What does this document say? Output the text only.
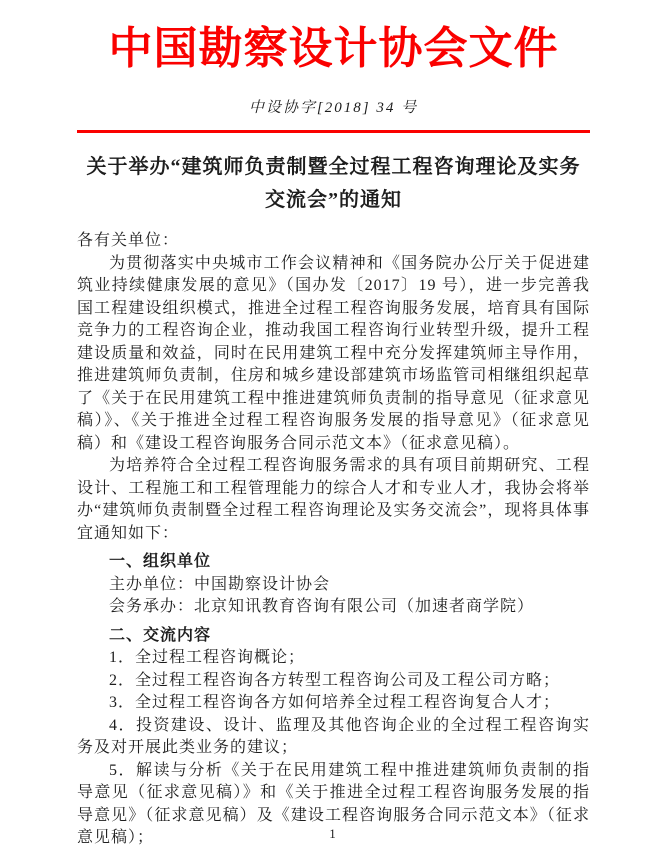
中国勘察设计协会文件
中设协字[2018] 34 号
关于举办“建筑师负责制暨全过程工程咨询理论及实务
交流会”的通知

各有关单位：

为贯彻落实中央城市工作会议精神和《国务院办公厅关于促进建筑业持续健康发展的意见》（国办发〔2017〕19 号），进一步完善我国工程建设组织模式，推进全过程工程咨询服务发展，培育具有国际竞争力的工程咨询企业，推动我国工程咨询行业转型升级，提升工程建设质量和效益，同时在民用建筑工程中充分发挥建筑师主导作用，推进建筑师负责制，住房和城乡建设部建筑市场监管司相继组织起草了《关于在民用建筑工程中推进建筑师负责制的指导意见（征求意见稿）》、《关于推进全过程工程咨询服务发展的指导意见》（征求意见稿）和《建设工程咨询服务合同示范文本》（征求意见稿）。

为培养符合全过程工程咨询服务需求的具有项目前期研究、工程设计、工程施工和工程管理能力的综合人才和专业人才，我协会将举办“建筑师负责制暨全过程工程咨询理论及实务交流会”，现将具体事宜通知如下：

一、组织单位

主办单位：中国勘察设计协会

会务承办：北京知讯教育咨询有限公司（加速者商学院）

二、交流内容

1．全过程工程咨询概论；

2．全过程工程咨询各方转型工程咨询公司及工程公司方略；

3．全过程工程咨询各方如何培养全过程工程咨询复合人才；

4．投资建设、设计、监理及其他咨询企业的全过程工程咨询实务及对开展此类业务的建议；

5．解读与分析《关于在民用建筑工程中推进建筑师负责制的指导意见（征求意见稿）》和《关于推进全过程工程咨询服务发展的指导意见》（征求意见稿）及《建设工程咨询服务合同示范文本》（征求意见稿）；	1
